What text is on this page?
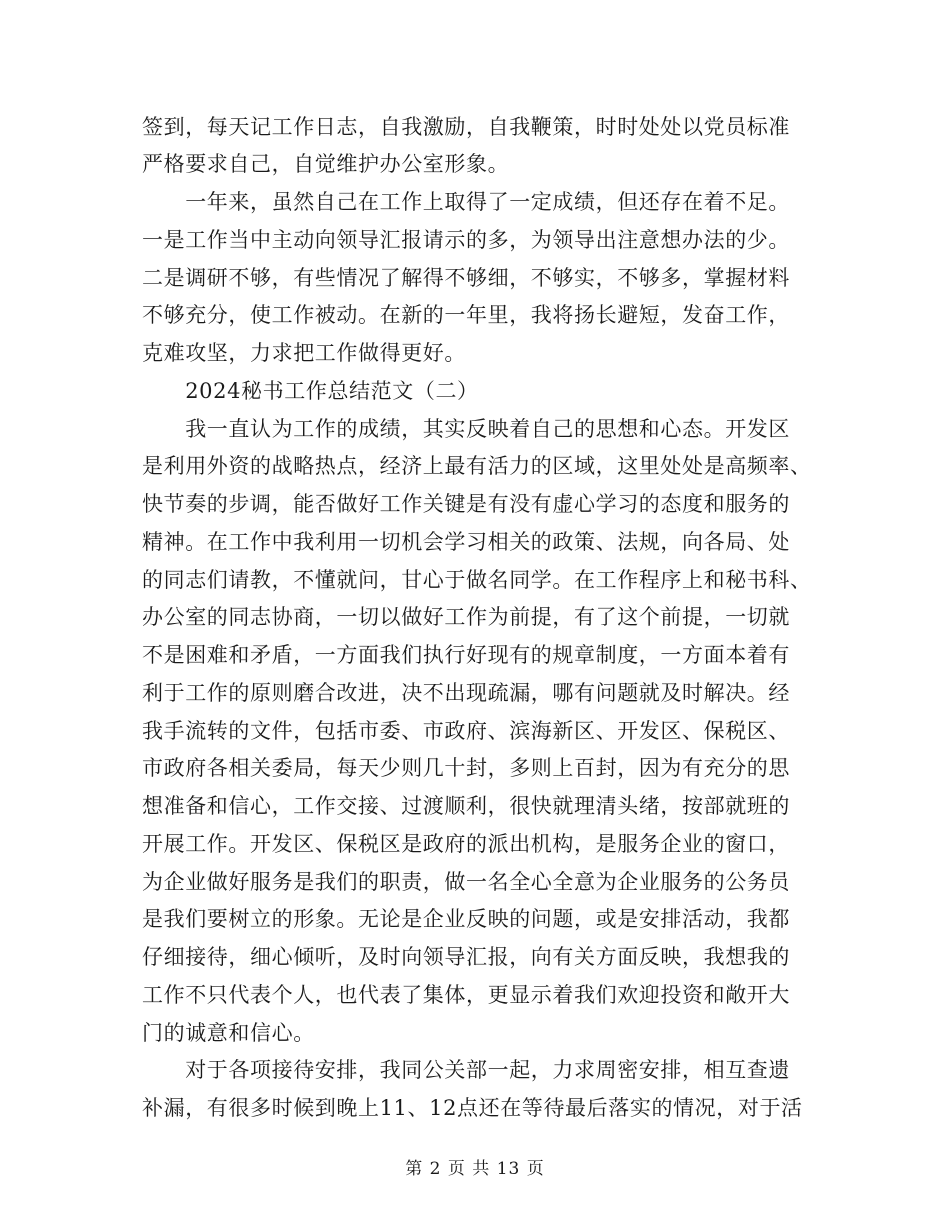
签到，每天记工作日志，自我激励，自我鞭策，时时处处以党员标准
严格要求自己，自觉维护办公室形象。
　　一年来，虽然自己在工作上取得了一定成绩，但还存在着不足。
一是工作当中主动向领导汇报请示的多，为领导出注意想办法的少。
二是调研不够，有些情况了解得不够细，不够实，不够多，掌握材料
不够充分，使工作被动。在新的一年里，我将扬长避短，发奋工作，
克难攻坚，力求把工作做得更好。
　　2024秘书工作总结范文（二）
　　我一直认为工作的成绩，其实反映着自己的思想和心态。开发区
是利用外资的战略热点，经济上最有活力的区域，这里处处是高频率、
快节奏的步调，能否做好工作关键是有没有虚心学习的态度和服务的
精神。在工作中我利用一切机会学习相关的政策、法规，向各局、处
的同志们请教，不懂就问，甘心于做名同学。在工作程序上和秘书科、
办公室的同志协商，一切以做好工作为前提，有了这个前提，一切就
不是困难和矛盾，一方面我们执行好现有的规章制度，一方面本着有
利于工作的原则磨合改进，决不出现疏漏，哪有问题就及时解决。经
我手流转的文件，包括市委、市政府、滨海新区、开发区、保税区、
市政府各相关委局，每天少则几十封，多则上百封，因为有充分的思
想准备和信心，工作交接、过渡顺利，很快就理清头绪，按部就班的
开展工作。开发区、保税区是政府的派出机构，是服务企业的窗口，
为企业做好服务是我们的职责，做一名全心全意为企业服务的公务员
是我们要树立的形象。无论是企业反映的问题，或是安排活动，我都
仔细接待，细心倾听，及时向领导汇报，向有关方面反映，我想我的
工作不只代表个人，也代表了集体，更显示着我们欢迎投资和敞开大
门的诚意和信心。
　　对于各项接待安排，我同公关部一起，力求周密安排，相互查遗
补漏，有很多时候到晚上11、12点还在等待最后落实的情况，对于活
第 2 页 共 13 页
